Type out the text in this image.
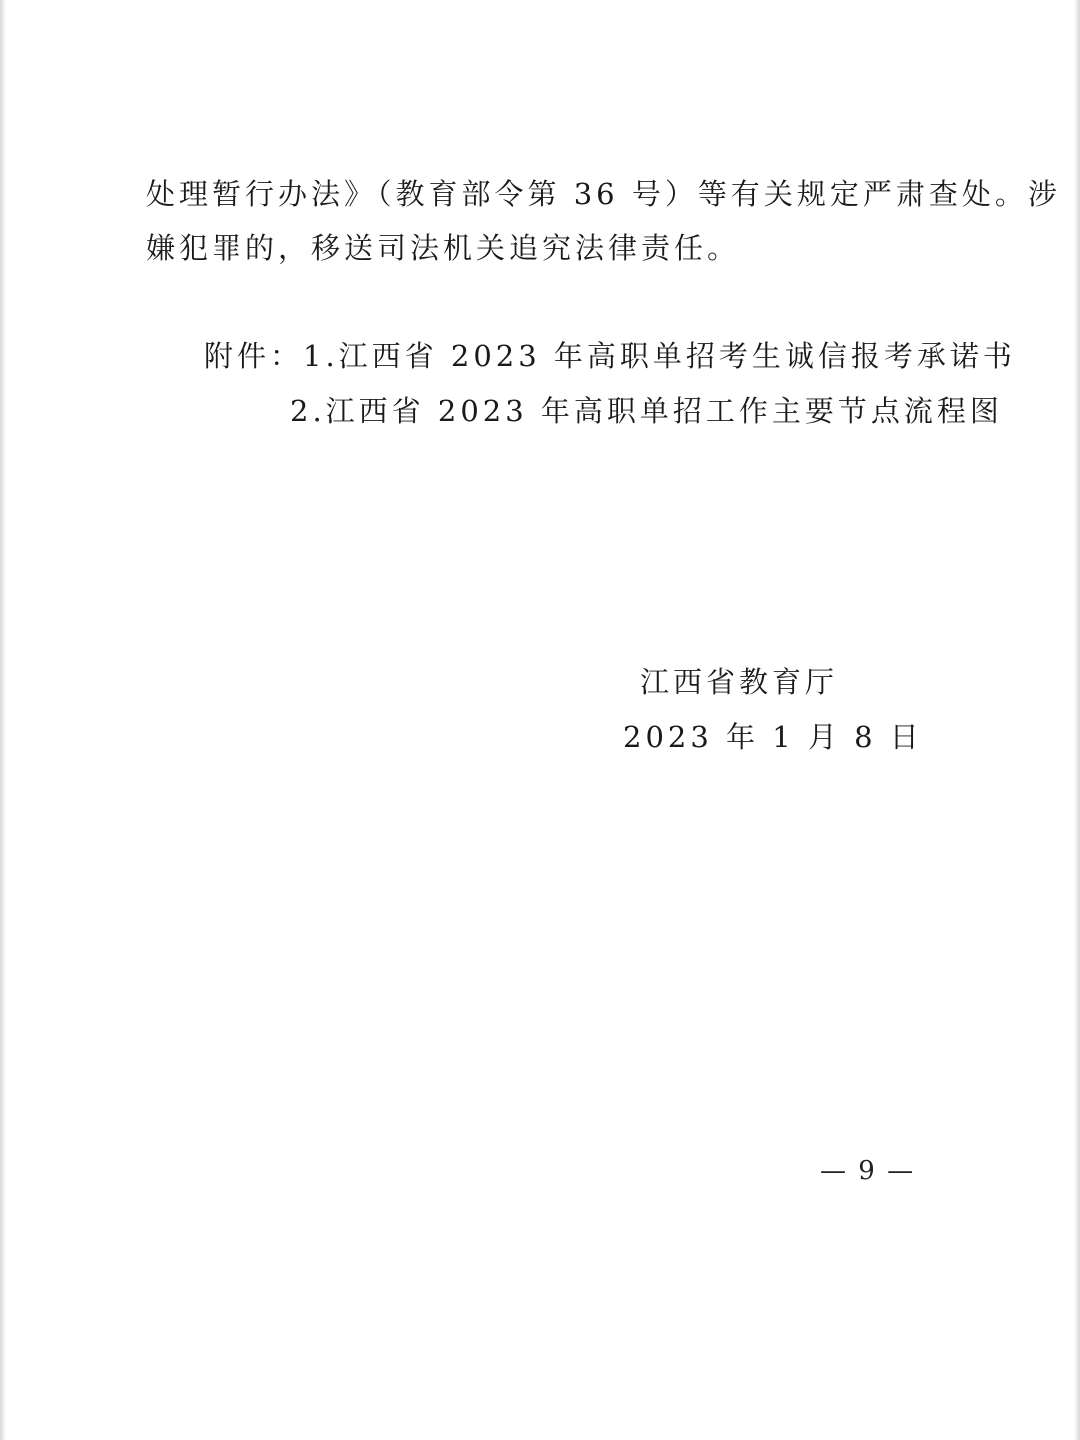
处理暂行办法》（教育部令第 36 号）等有关规定严肃查处。涉
嫌犯罪的，移送司法机关追究法律责任。
附件：1.江西省 2023 年高职单招考生诚信报考承诺书
2.江西省 2023 年高职单招工作主要节点流程图
江西省教育厅
2023 年 1 月 8 日
— 9 —
